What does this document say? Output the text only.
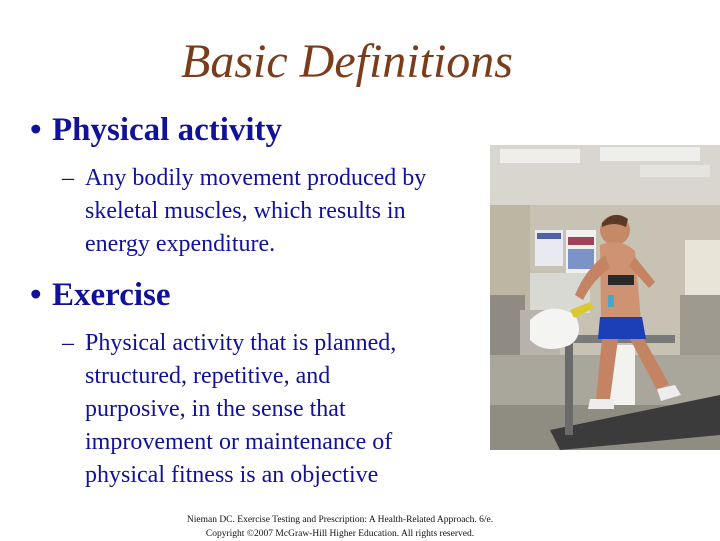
Basic Definitions
• Physical activity
– Any bodily movement produced by
skeletal muscles, which results in
energy expenditure.
• Exercise
– Physical activity that is planned,
structured, repetitive, and
purposive, in the sense that
improvement or maintenance of
physical fitness is an objective
Nieman DC. Exercise Testing and Prescription: A Health-Related Approach. 6/e.
Copyright ©2007 McGraw-Hill Higher Education. All rights reserved.
